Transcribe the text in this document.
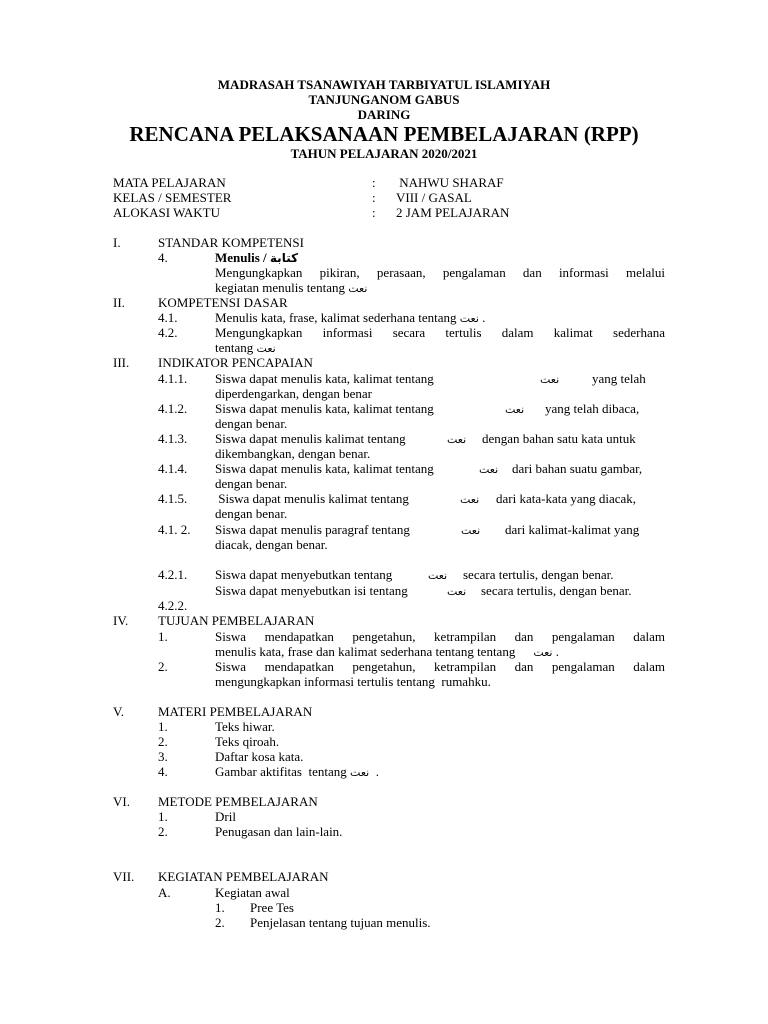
MADRASAH TSANAWIYAH TARBIYATUL ISLAMIYAH
TANJUNGANOM GABUS
DARING
RENCANA PELAKSANAAN PEMBELAJARAN (RPP)
TAHUN PELAJARAN 2020/2021
MATA PELAJARAN	: NAHWU SHARAF
KELAS / SEMESTER	: VIII / GASAL
ALOKASI WAKTU	: 2 JAM PELAJARAN
I.	STANDAR KOMPETENSI
4.	Menulis / كتابة
Mengungkapkan pikiran, perasaan, pengalaman dan informasi melalui
kegiatan menulis tentang نعت
II.	KOMPETENSI DASAR
4.1.	Menulis kata, frase, kalimat sederhana tentang نعت .
4.2.	Mengungkapkan informasi secara tertulis dalam kalimat sederhana
tentang نعت
III. INDIKATOR PENCAPAIAN
4.1.1. Siswa dapat menulis kata, kalimat tentang	نعت	yang telah
diperdengarkan, dengan benar
4.1.2. Siswa dapat menulis kata, kalimat tentang	نعت yang telah dibaca,
dengan benar.
4.1.3. Siswa dapat menulis kalimat tentang	نعت dengan bahan satu kata untuk
dikembangkan, dengan benar.
4.1.4. Siswa dapat menulis kata, kalimat tentang	نعت dari bahan suatu gambar,
dengan benar.
4.1.5. Siswa dapat menulis kalimat tentang	نعت dari kata-kata yang diacak,
dengan benar.
4.1. 2. Siswa dapat menulis paragraf tentang	نعت dari kalimat-kalimat yang
diacak, dengan benar.
4.2.1. Siswa dapat menyebutkan tentang	نعت secara tertulis, dengan benar.
Siswa dapat menyebutkan isi tentang	نعت secara tertulis, dengan benar.
4.2.2.
IV. TUJUAN PEMBELAJARAN
1.	Siswa mendapatkan pengetahun, ketrampilan dan pengalaman dalam
menulis kata, frase dan kalimat sederhana tentang tentang نعت .
2.	Siswa mendapatkan pengetahun, ketrampilan dan pengalaman dalam
mengungkapkan informasi tertulis tentang  rumahku.
V.	MATERI PEMBELAJARAN
1.	Teks hiwar.
2.	Teks qiroah.
3.	Daftar kosa kata.
4.	Gambar aktifitas  tentang نعت  .
VI. METODE PEMBELAJARAN
1.	Dril
2.	Penugasan dan lain-lain.
VII. KEGIATAN PEMBELAJARAN
A.	Kegiatan awal
1. Pree Tes
2. Penjelasan tentang tujuan menulis.
